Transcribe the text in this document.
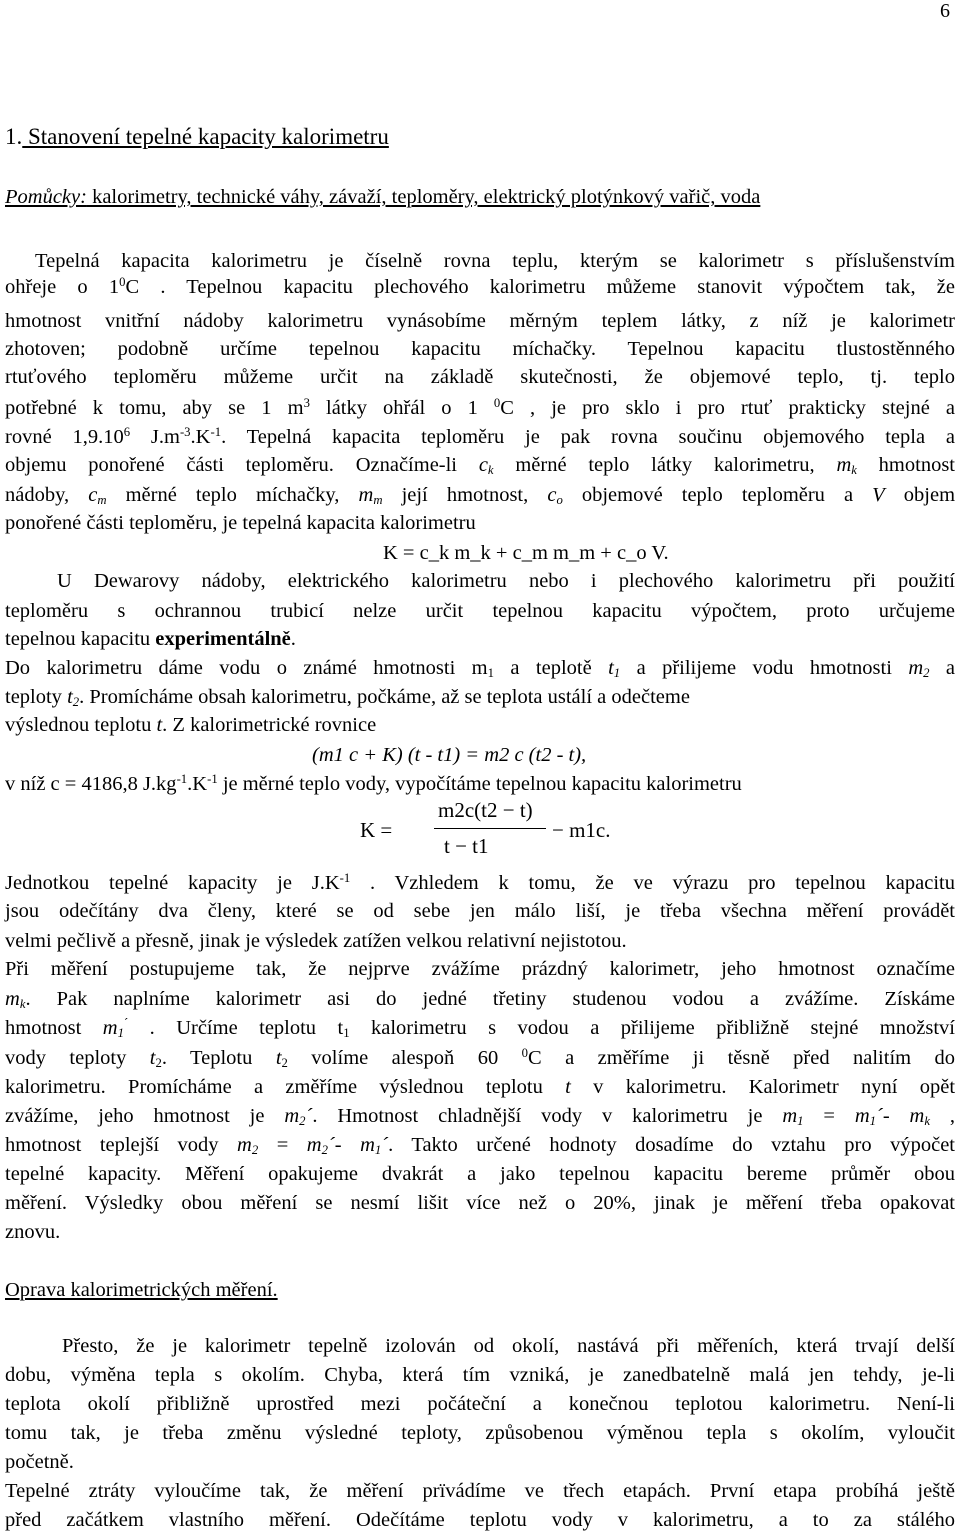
6
1. Stanovení tepelné kapacity kalorimetru
Pomůcky: kalorimetry, technické váhy, závaží, teploměry, elektrický plotýnkový vařič, voda
Tepelná kapacita kalorimetru je číselně rovna teplu, kterým se kalorimetr s příslušenstvím
ohřeje o $1^0C$ . Tepelnou kapacitu plechového kalorimetru můžeme stanovit výpočtem tak, že
hmotnost vnitřní nádoby kalorimetru vynásobíme měrným teplem látky, z níž je kalorimetr
zhotoven; podobně určíme tepelnou kapacitu míchačky. Tepelnou kapacitu tlustostěnného
rtuťového teploměru můžeme určit na základě skutečnosti, že objemové teplo, tj. teplo
potřebné k tomu, aby se 1 $m^3$ látky ohřál o 1 $^0$C , je pro sklo i pro rtuť prakticky stejné a
rovné 1,9.10$^6$ $J.m^{-3}.K^{-1}$. Tepelná kapacita teploměru je pak rovna součinu objemového tepla a
objemu ponořené části teploměru. Označíme-li $c_k$ měrné teplo látky kalorimetru, $m_k$ hmotnost
nádoby, $c_m$ měrné teplo míchačky, $m_m$ její hmotnost, $c_o$ objemové teplo teploměru a V objem
ponořené části teploměru, je tepelná kapacita kalorimetru
K = c_k m_k + c_m m_m + c_o V.
U Dewarovy nádoby, elektrického kalorimetru nebo i plechového kalorimetru při použití
teploměru s ochrannou trubicí nelze určit tepelnou kapacitu výpočtem, proto určujeme
tepelnou kapacitu experimentálně.
Do kalorimetru dáme vodu o známé hmotnosti $m_1$ a teplotě $t_1$ a přilijeme vodu hmotnosti $m_2$ a
teploty $t_2$. Promícháme obsah kalorimetru, počkáme, až se teplota ustálí a odečteme
výslednou teplotu t. Z kalorimetrické rovnice
(m1 c + K) (t - t1) = m2 c (t2 - t),
v níž c = 4186,8 $J.kg^{-1}.K^{-1}$ je měrné teplo vody, vypočítáme tepelnou kapacitu kalorimetru
K =
m2c(t2 − t)
t − t1
− m1c.
Jednotkou tepelné kapacity je $J.K^{-1}$ . Vzhledem k tomu, že ve výrazu pro tepelnou kapacitu
jsou odečítány dva členy, které se od sebe jen málo liší, je třeba všechna měření provádět
velmi pečlivě a přesně, jinak je výsledek zatížen velkou relativní nejistotou.
Při měření postupujeme tak, že nejprve zvážíme prázdný kalorimetr, jeho hmotnost označíme
$m_k$. Pak naplníme kalorimetr asi do jedné třetiny studenou vodou a zvážíme. Získáme
hmotnost $m_1^´$ . Určíme teplotu $t_1$ kalorimetru s vodou a přilijeme přibližně stejné množství
vody teploty $t_2$. Teplotu $t_2$ volíme alespoň 60 $^0$C a změříme ji těsně před nalitím do
kalorimetru. Promícháme a změříme výslednou teplotu t v kalorimetru. Kalorimetr nyní opět
zvážíme, jeho hmotnost je $m_2´$. Hmotnost chladnější vody v kalorimetru je $m_1$ = $m_1´-$ $m_k$ ,
hmotnost teplejší vody $m_2$ = $m_2´-$ $m_1´$. Takto určené hodnoty dosadíme do vztahu pro výpočet
tepelné kapacity. Měření opakujeme dvakrát a jako tepelnou kapacitu bereme průměr obou
měření. Výsledky obou měření se nesmí lišit více než o 20%, jinak je měření třeba opakovat
znovu.
Oprava kalorimetrických měření.
Přesto, že je kalorimetr tepelně izolován od okolí, nastává při měřeních, která trvají delší
dobu, výměna tepla s okolím. Chyba, která tím vzniká, je zanedbatelně malá jen tehdy, je-li
teplota okolí přibližně uprostřed mezi počáteční a konečnou teplotou kalorimetru. Není-li
tomu tak, je třeba změnu výsledné teploty, způsobenou výměnou tepla s okolím, vyloučit
početně.
Tepelné ztráty vyloučíme tak, že měření prïvádíme ve třech etapách. První etapa probíhá ještě
před začátkem vlastního měření. Odečítáme teplotu vody v kalorimetru, a to za stálého
